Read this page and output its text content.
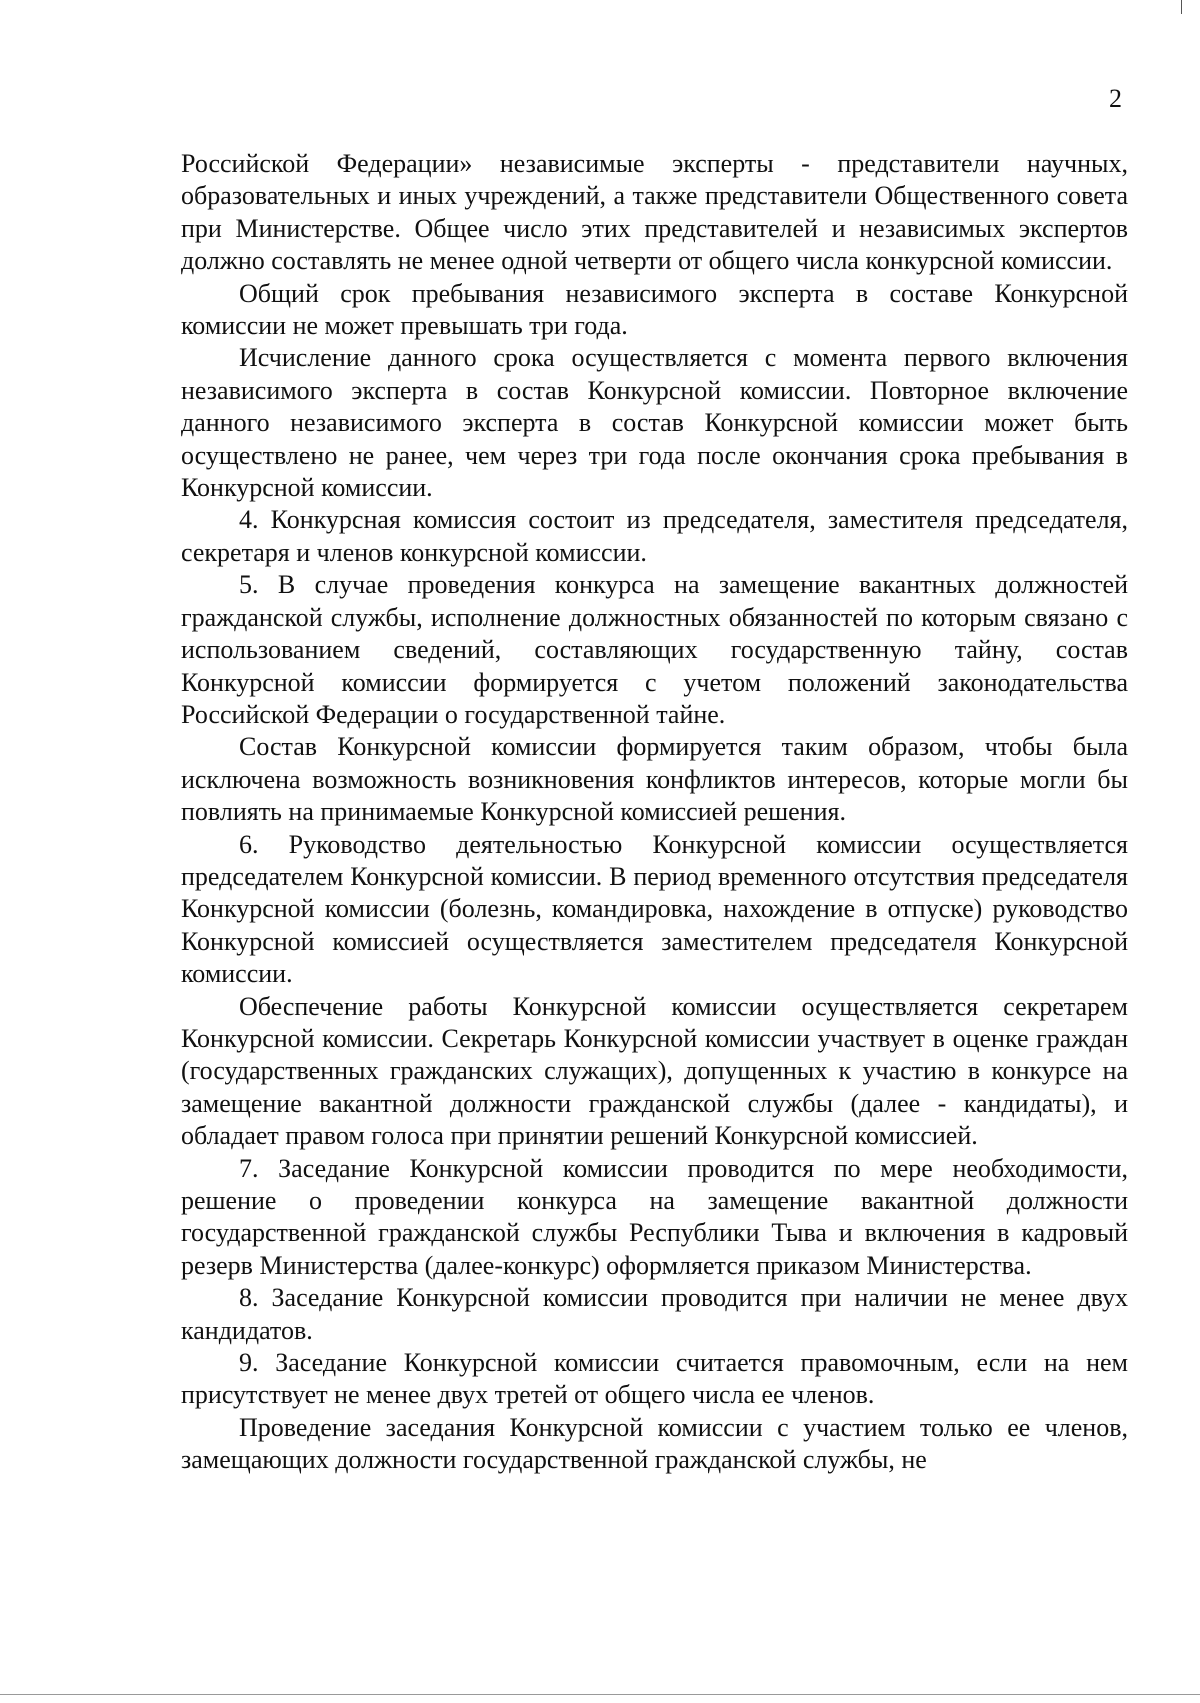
2

Российской Федерации» независимые эксперты - представители научных, образовательных и иных учреждений, а также представители Общественного совета при Министерстве. Общее число этих представителей и независимых экспертов должно составлять не менее одной четверти от общего числа конкурсной комиссии.

Общий срок пребывания независимого эксперта в составе Конкурсной комиссии не может превышать три года.

Исчисление данного срока осуществляется с момента первого включения независимого эксперта в состав Конкурсной комиссии. Повторное включение данного независимого эксперта в состав Конкурсной комиссии может быть осуществлено не ранее, чем через три года после окончания срока пребывания в Конкурсной комиссии.

4. Конкурсная комиссия состоит из председателя, заместителя председателя, секретаря и членов конкурсной комиссии.

5. В случае проведения конкурса на замещение вакантных должностей гражданской службы, исполнение должностных обязанностей по которым связано с использованием сведений, составляющих государственную тайну, состав Конкурсной комиссии формируется с учетом положений законодательства Российской Федерации о государственной тайне.

Состав Конкурсной комиссии формируется таким образом, чтобы была исключена возможность возникновения конфликтов интересов, которые могли бы повлиять на принимаемые Конкурсной комиссией решения.

6. Руководство деятельностью Конкурсной комиссии осуществляется председателем Конкурсной комиссии. В период временного отсутствия председателя Конкурсной комиссии (болезнь, командировка, нахождение в отпуске) руководство Конкурсной комиссией осуществляется заместителем председателя Конкурсной комиссии.

Обеспечение работы Конкурсной комиссии осуществляется секретарем Конкурсной комиссии. Секретарь Конкурсной комиссии участвует в оценке граждан (государственных гражданских служащих), допущенных к участию в конкурсе на замещение вакантной должности гражданской службы (далее - кандидаты), и обладает правом голоса при принятии решений Конкурсной комиссией.

7. Заседание Конкурсной комиссии проводится по мере необходимости, решение о проведении конкурса на замещение вакантной должности государственной гражданской службы Республики Тыва и включения в кадровый резерв Министерства (далее-конкурс) оформляется приказом Министерства.

8. Заседание Конкурсной комиссии проводится при наличии не менее двух кандидатов.

9. Заседание Конкурсной комиссии считается правомочным, если на нем присутствует не менее двух третей от общего числа ее членов.

Проведение заседания Конкурсной комиссии с участием только ее членов, замещающих должности государственной гражданской службы, не
